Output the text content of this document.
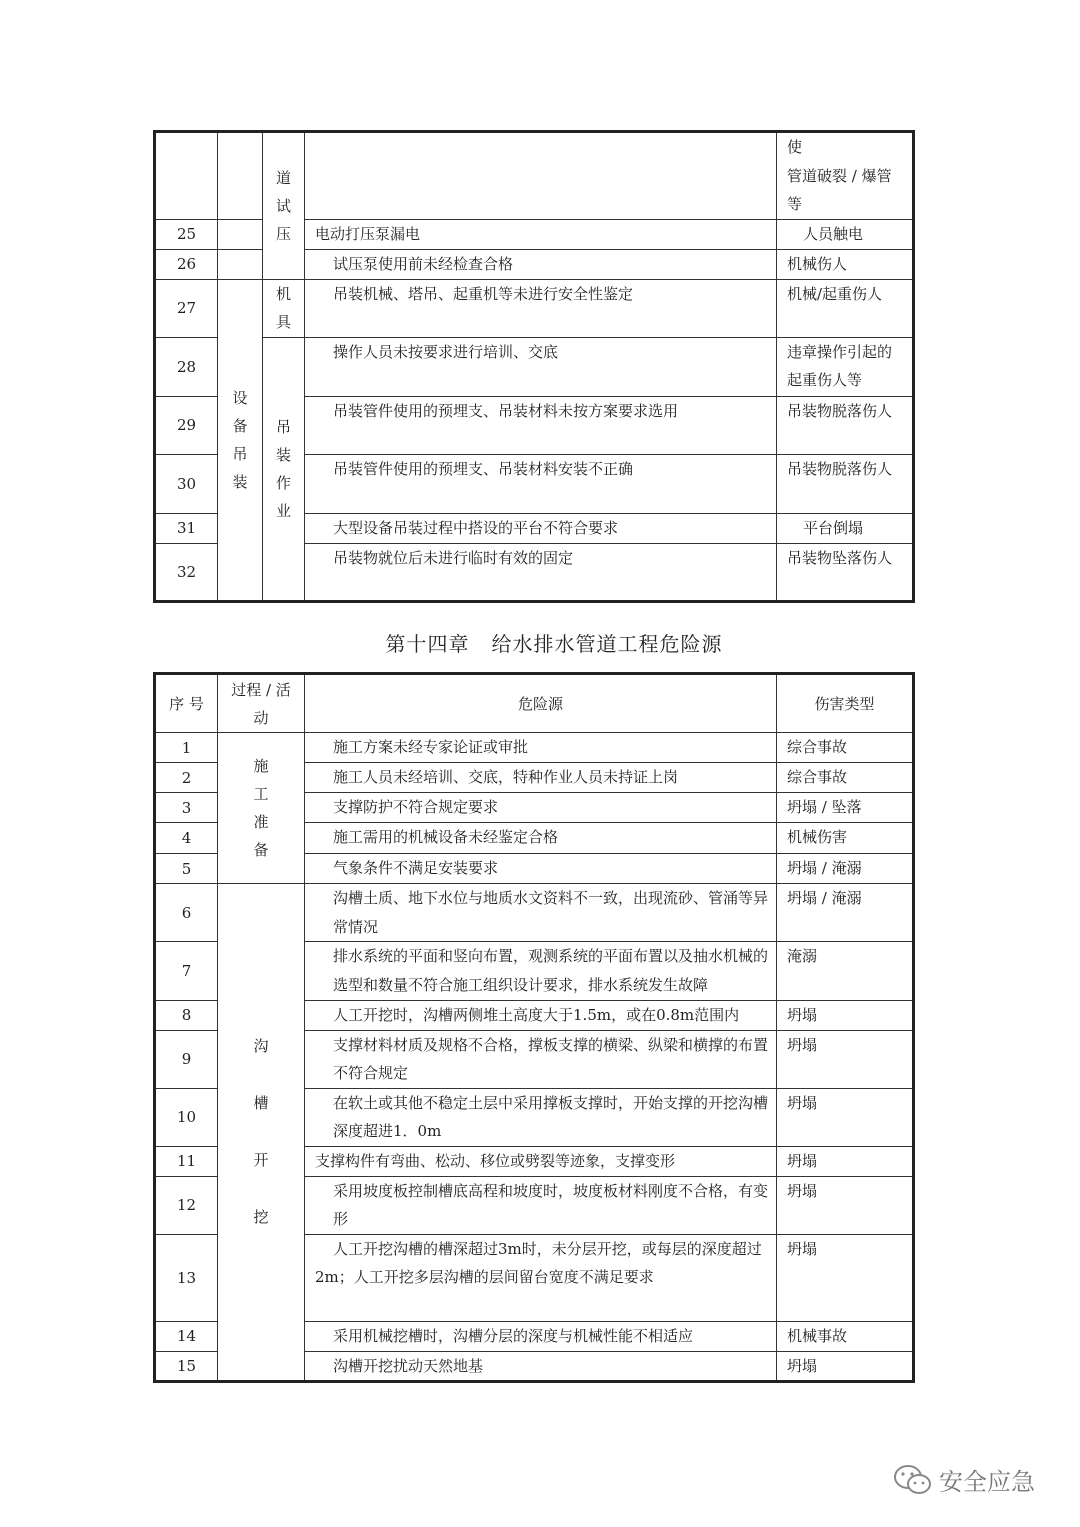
		道试压		使
管道破裂 / 爆管等

25			电动打压泵漏电	人员触电
26			试压泵使用前未经检查合格	机械伤人
27	设备吊装	机具	吊装机械、塔吊、起重机等未进行安全性鉴定	机械/起重伤人
28		吊装作业	操作人员未按要求进行培训、交底	违章操作引起的起重伤人等
29			吊装管件使用的预埋支、吊装材料未按方案要求选用	吊装物脱落伤人
30			吊装管件使用的预埋支、吊装材料安装不正确	吊装物脱落伤人
31			大型设备吊装过程中搭设的平台不符合要求	平台倒塌
32			吊装物就位后未进行临时有效的固定	吊装物坠落伤人
第十四章 给水排水管道工程危险源
序 号	过程 / 活动	危险源	伤害类型
1	施工准备	施工方案未经专家论证或审批	综合事故
2		施工人员未经培训、交底，特种作业人员未持证上岗	综合事故
3		支撑防护不符合规定要求	坍塌 / 坠落
4		施工需用的机械设备未经鉴定合格	机械伤害
5		气象条件不满足安装要求	坍塌 / 淹溺
6	沟槽开挖	沟槽土质、地下水位与地质水文资料不一致，出现流砂、管涌等异常情况	坍塌 / 淹溺
7		排水系统的平面和竖向布置，观测系统的平面布置以及抽水机械的选型和数量不符合施工组织设计要求，排水系统发生故障	淹溺
8		人工开挖时，沟槽两侧堆土高度大于1.5m，或在0.8m范围内	坍塌
9		支撑材料材质及规格不合格，撑板支撑的横梁、纵梁和横撑的布置不符合规定	坍塌
10		在软土或其他不稳定土层中采用撑板支撑时，开始支撑的开挖沟槽深度超进1．0m	坍塌
11		支撑构件有弯曲、松动、移位或劈裂等迹象，支撑变形	坍塌
12		采用坡度板控制槽底高程和坡度时，坡度板材料刚度不合格，有变形	坍塌
13		人工开挖沟槽的槽深超过3m时，未分层开挖，或每层的深度超过
2m；人工开挖多层沟槽的层间留台宽度不满足要求	坍塌
14		采用机械挖槽时，沟槽分层的深度与机械性能不相适应	机械事故
15		沟槽开挖扰动天然地基	坍塌
安全应急
